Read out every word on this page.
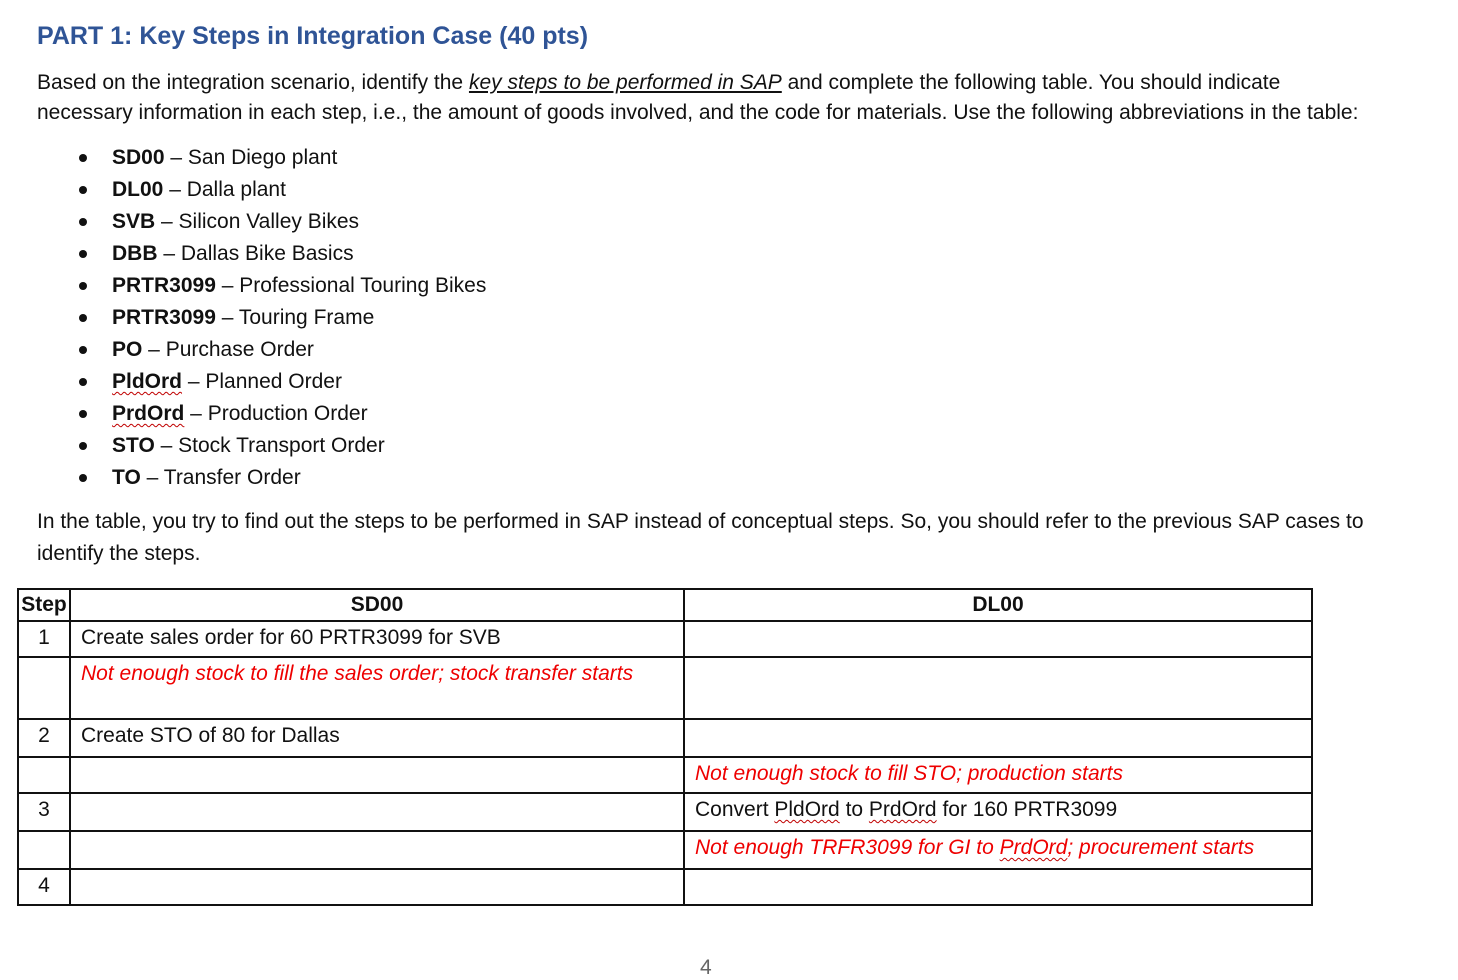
PART 1: Key Steps in Integration Case (40 pts)
Based on the integration scenario, identify the key steps to be performed in SAP and complete the following table. You should indicate necessary information in each step, i.e., the amount of goods involved, and the code for materials. Use the following abbreviations in the table:
SD00 – San Diego plant
DL00 – Dalla plant
SVB – Silicon Valley Bikes
DBB – Dallas Bike Basics
PRTR3099 – Professional Touring Bikes
PRTR3099 – Touring Frame
PO – Purchase Order
PldOrd – Planned Order
PrdOrd – Production Order
STO – Stock Transport Order
TO – Transfer Order
In the table, you try to find out the steps to be performed in SAP instead of conceptual steps. So, you should refer to the previous SAP cases to identify the steps.
Step	SD00	DL00
1	Create sales order for 60 PRTR3099 for SVB	
	Not enough stock to fill the sales order; stock transfer starts	
2	Create STO of 80 for Dallas	
		Not enough stock to fill STO; production starts
3		Convert PldOrd to PrdOrd for 160 PRTR3099
		Not enough TRFR3099 for GI to PrdOrd; procurement starts
4		
4
